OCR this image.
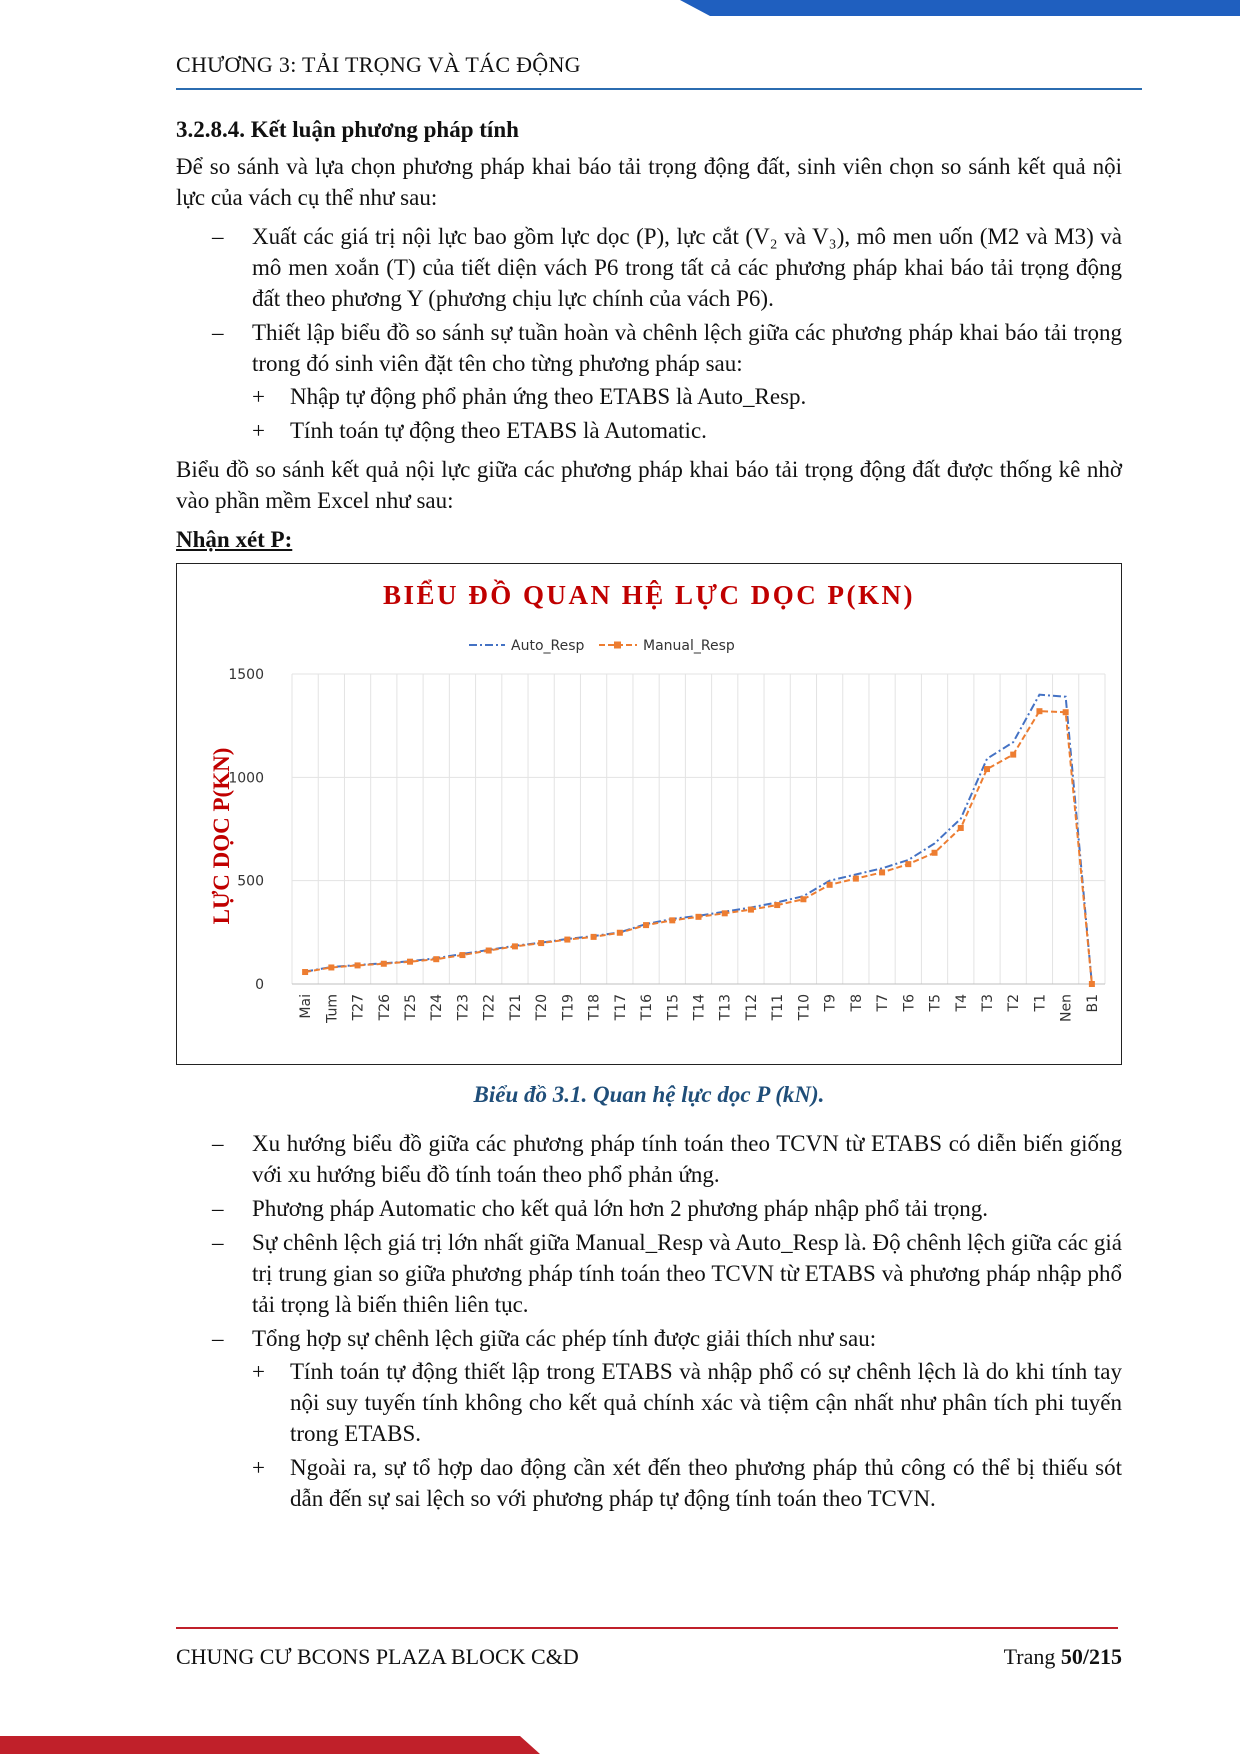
CHƯƠNG 3: TẢI TRỌNG VÀ TÁC ĐỘNG
3.2.8.4. Kết luận phương pháp tính

Để so sánh và lựa chọn phương pháp khai báo tải trọng động đất, sinh viên chọn so sánh kết quả nội lực của vách cụ thể như sau:

– Xuất các giá trị nội lực bao gồm lực dọc (P), lực cắt (V₂ và V₃), mô men uốn (M2 và M3) và mô men xoắn (T) của tiết diện vách P6 trong tất cả các phương pháp khai báo tải trọng động đất theo phương Y (phương chịu lực chính của vách P6).
– Thiết lập biểu đồ so sánh sự tuần hoàn và chênh lệch giữa các phương pháp khai báo tải trọng trong đó sinh viên đặt tên cho từng phương pháp sau:
+ Nhập tự động phổ phản ứng theo ETABS là Auto_Resp.
+ Tính toán tự động theo ETABS là Automatic.

Biểu đồ so sánh kết quả nội lực giữa các phương pháp khai báo tải trọng động đất được thống kê nhờ vào phần mềm Excel như sau:

Nhận xét P:
BIỂU ĐỒ QUAN HỆ LỰC DỌC P(KN)
Auto_Resp	Manual_Resp
LỰC DỌC P(KN)
0
500
1000
1500
Mai Tum T27 T26 T25 T24 T23 T22 T21 T20 T19 T18 T17 T16 T15 T14 T13 T12 T11 T10 T9 T8 T7 T6 T5 T4 T3 T2 T1 Nen B1
Biểu đồ 3.1. Quan hệ lực dọc P (kN).
– Xu hướng biểu đồ giữa các phương pháp tính toán theo TCVN từ ETABS có diễn biến giống với xu hướng biểu đồ tính toán theo phổ phản ứng.
– Phương pháp Automatic cho kết quả lớn hơn 2 phương pháp nhập phổ tải trọng.
– Sự chênh lệch giá trị lớn nhất giữa Manual_Resp và Auto_Resp là. Độ chênh lệch giữa các giá trị trung gian so giữa phương pháp tính toán theo TCVN từ ETABS và phương pháp nhập phổ tải trọng là biến thiên liên tục.
– Tổng hợp sự chênh lệch giữa các phép tính được giải thích như sau:
+ Tính toán tự động thiết lập trong ETABS và nhập phổ có sự chênh lệch là do khi tính tay nội suy tuyến tính không cho kết quả chính xác và tiệm cận nhất như phân tích phi tuyến trong ETABS.
+ Ngoài ra, sự tổ hợp dao động cần xét đến theo phương pháp thủ công có thể bị thiếu sót dẫn đến sự sai lệch so với phương pháp tự động tính toán theo TCVN.
CHUNG CƯ BCONS PLAZA BLOCK C&D	Trang 50/215
